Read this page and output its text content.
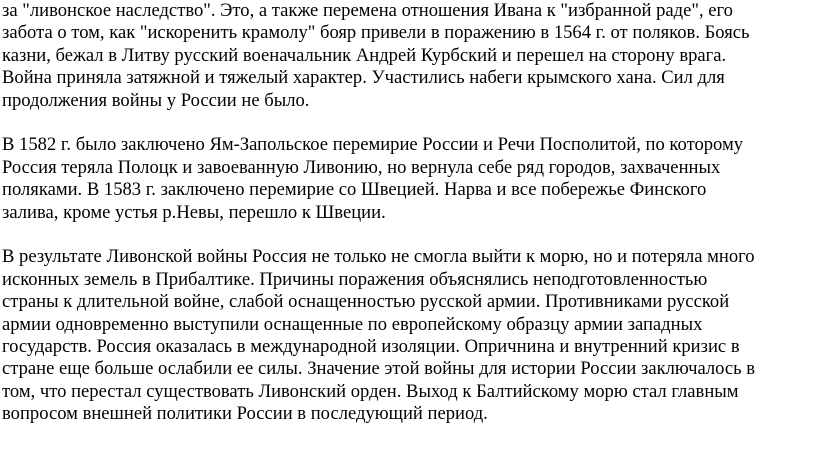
за "ливонское наследство". Это, а также перемена отношения Ивана к "избранной раде", его
забота о том, как "искоренить крамолу" бояр привели в поражению в 1564 г. от поляков. Боясь
казни, бежал в Литву русский военачальник Андрей Курбский и перешел на сторону врага.
Война приняла затяжной и тяжелый характер. Участились набеги крымского хана. Сил для
продолжения войны у России не было.

В 1582 г. было заключено Ям-Запольское перемирие России и Речи Посполитой, по которому
Россия теряла Полоцк и завоеванную Ливонию, но вернула себе ряд городов, захваченных
поляками. В 1583 г. заключено перемирие со Швецией. Нарва и все побережье Финского
залива, кроме устья р.Невы, перешло к Швеции.

В результате Ливонской войны Россия не только не смогла выйти к морю, но и потеряла много
исконных земель в Прибалтике. Причины поражения объяснялись неподготовленностью
страны к длительной войне, слабой оснащенностью русской армии. Противниками русской
армии одновременно выступили оснащенные по европейскому образцу армии западных
государств. Россия оказалась в международной изоляции. Опричнина и внутренний кризис в
стране еще больше ослабили ее силы. Значение этой войны для истории России заключалось в
том, что перестал существовать Ливонский орден. Выход к Балтийскому морю стал главным
вопросом внешней политики России в последующий период.
